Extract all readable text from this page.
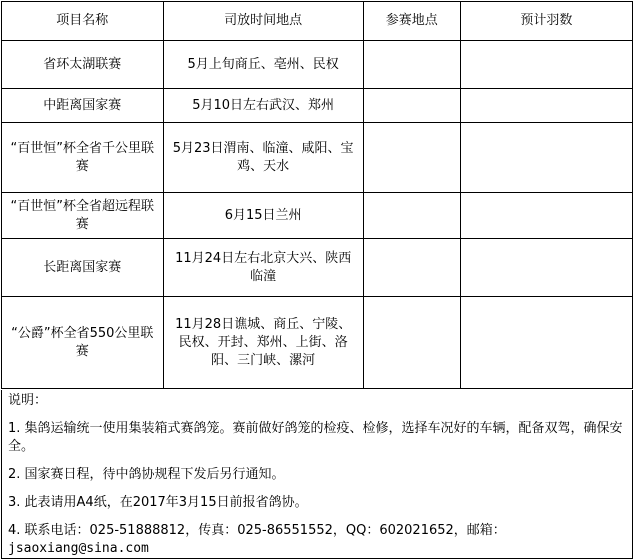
项目名称	司放时间地点	参赛地点	预计羽数
省环太湖联赛	5月上旬商丘、亳州、民权		
中距离国家赛	5月10日左右武汉、郑州		
“百世恒”杯全省千公里联赛	5月23日渭南、临潼、咸阳、宝鸡、天水		
“百世恒”杯全省超远程联赛	6月15日兰州		
长距离国家赛	11月24日左右北京大兴、陕西临潼		
“公爵”杯全省550公里联赛	11月28日谯城、商丘、宁陵、民权、开封、郑州、上街、洛阳、三门峡、漯河		

说明：

1. 集鸽运输统一使用集装箱式赛鸽笼。赛前做好鸽笼的检疫、检修，选择车况好的车辆，配备双驾，确保安全。

2. 国家赛日程，待中鸽协规程下发后另行通知。

3. 此表请用A4纸，在2017年3月15日前报省鸽协。

4. 联系电话：025-51888812，传真：025-86551552，QQ：602021652，邮箱：jsaoxiang@sina.com
